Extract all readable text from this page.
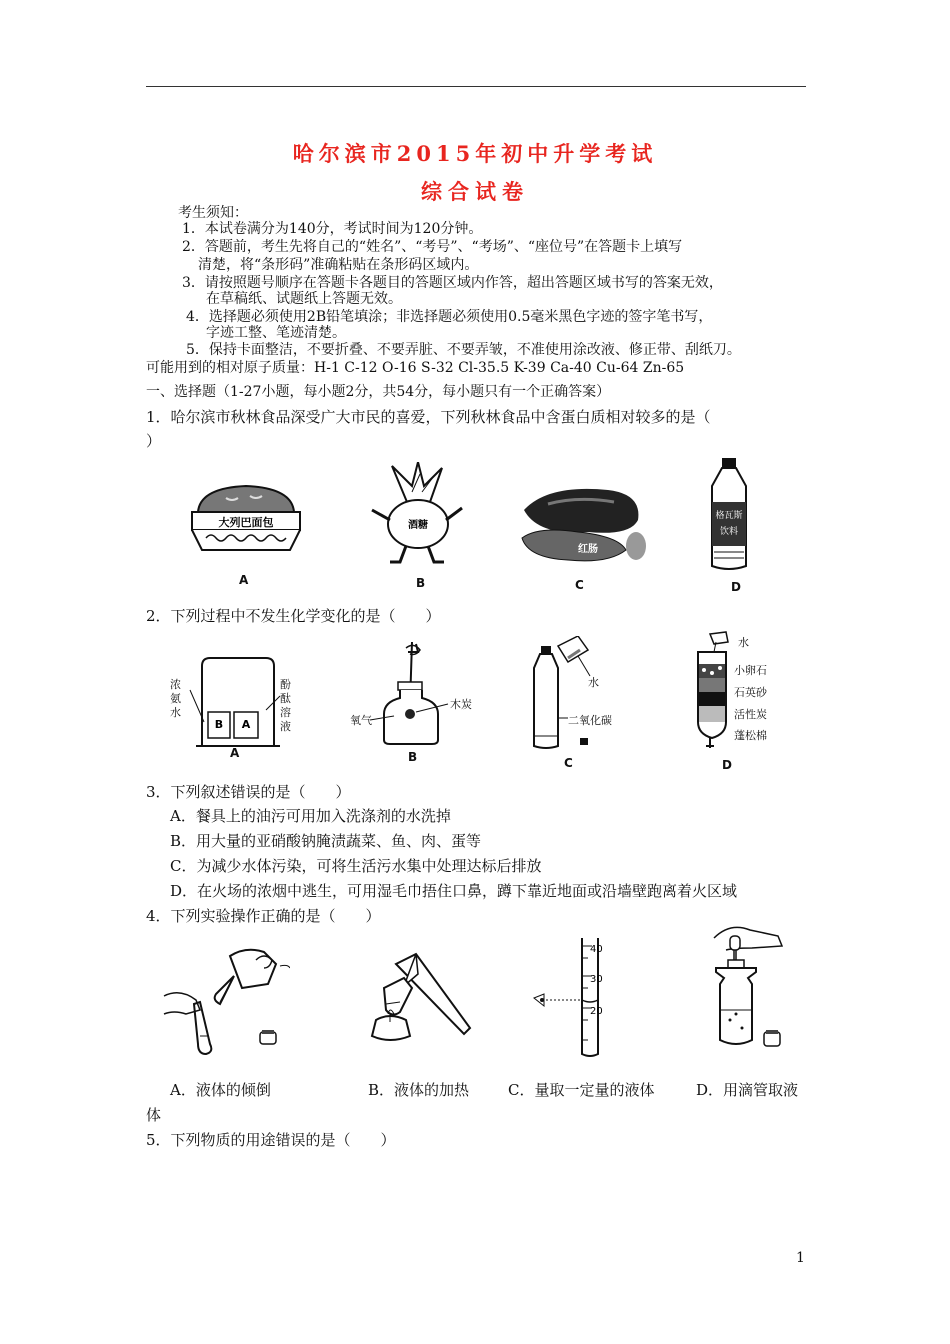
哈尔滨市2015年初中升学考试
综合试卷
考生须知：
1．本试卷满分为140分，考试时间为120分钟。
2．答题前，考生先将自己的“姓名”、“考号”、“考场”、“座位号”在答题卡上填写
清楚，将“条形码”准确粘贴在条形码区域内。
3．请按照题号顺序在答题卡各题目的答题区域内作答，超出答题区域书写的答案无效，
在草稿纸、试题纸上答题无效。
4．选择题必须使用2B铅笔填涂；非选择题必须使用0.5毫米黑色字迹的签字笔书写，
字迹工整、笔迹清楚。
5．保持卡面整洁，不要折叠、不要弄脏、不要弄皱，不准使用涂改液、修正带、刮纸刀。
可能用到的相对原子质量：H-1 C-12 O-16 S-32 Cl-35.5 K-39 Ca-40 Cu-64 Zn-65
一、选择题（1-27小题，每小题2分，共54分，每小题只有一个正确答案）
1．哈尔滨市秋林食品深受广大市民的喜爱，下列秋林食品中含蛋白质相对较多的是（
）
大列巴面包	酒糖
红肠
格瓦斯
饮料
A	B	C	D
2．下列过程中不发生化学变化的是（　　）
B A
浓
氨
水
酚
酞
溶
液
A
氧气
木炭
B
水
二氧化碳
C
水
小卵石
石英砂
活性炭
蓬松棉
D
3．下列叙述错误的是（　　）
A．餐具上的油污可用加入洗涤剂的水洗掉
B．用大量的亚硝酸钠腌渍蔬菜、鱼、肉、蛋等
C．为减少水体污染，可将生活污水集中处理达标后排放
D．在火场的浓烟中逃生，可用湿毛巾捂住口鼻，蹲下靠近地面或沿墙壁跑离着火区域
4．下列实验操作正确的是（　　）
40
30
20
A．液体的倾倒	B．液体的加热	C．量取一定量的液体	D．用滴管取液
体
5．下列物质的用途错误的是（　　）
1
